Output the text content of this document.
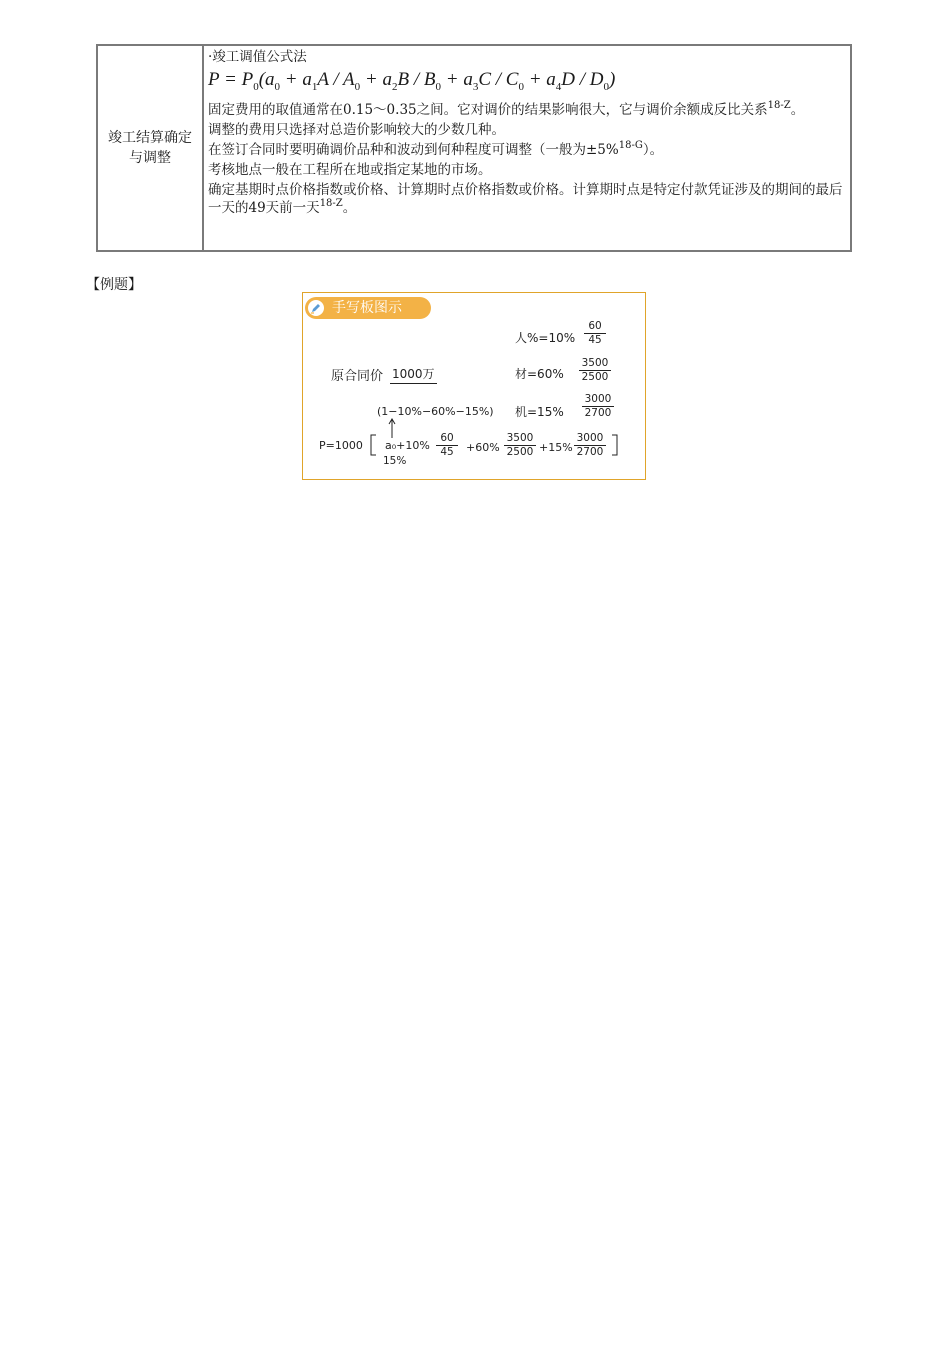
竣工结算确定与调整

·竣工调值公式法

$P = P_0(a_0 + a_1A / A_0 + a_2B / B_0 + a_3C / C_0 + a_4D / D_0)$

固定费用的取值通常在0.15～0.35之间。它对调价的结果影响很大，它与调价余额成反比关系$^{18-Z}$。

调整的费用只选择对总造价影响较大的少数几种。

在签订合同时要明确调价品种和波动到何种程度可调整（一般为±5%$^{18-G}$）。

考核地点一般在工程所在地或指定某地的市场。

确定基期时点价格指数或价格、计算期时点价格指数或价格。计算期时点是特定付款凭证涉及的期间的最后一天的49天前一天$^{18-Z}$。

【例题】
手写板图示
人$\%=10\% \frac{60}{45}$
原合同价 1000万	材$=60\% \frac{3500}{2500}$
(1−10%−60%−15%) 机$=15\% \frac{3000}{2700}$
P=1000 a₀+10%
15%
$\frac{60}{45} +60\% \frac{3500}{2500} +15\% \frac{3000}{2700}$
